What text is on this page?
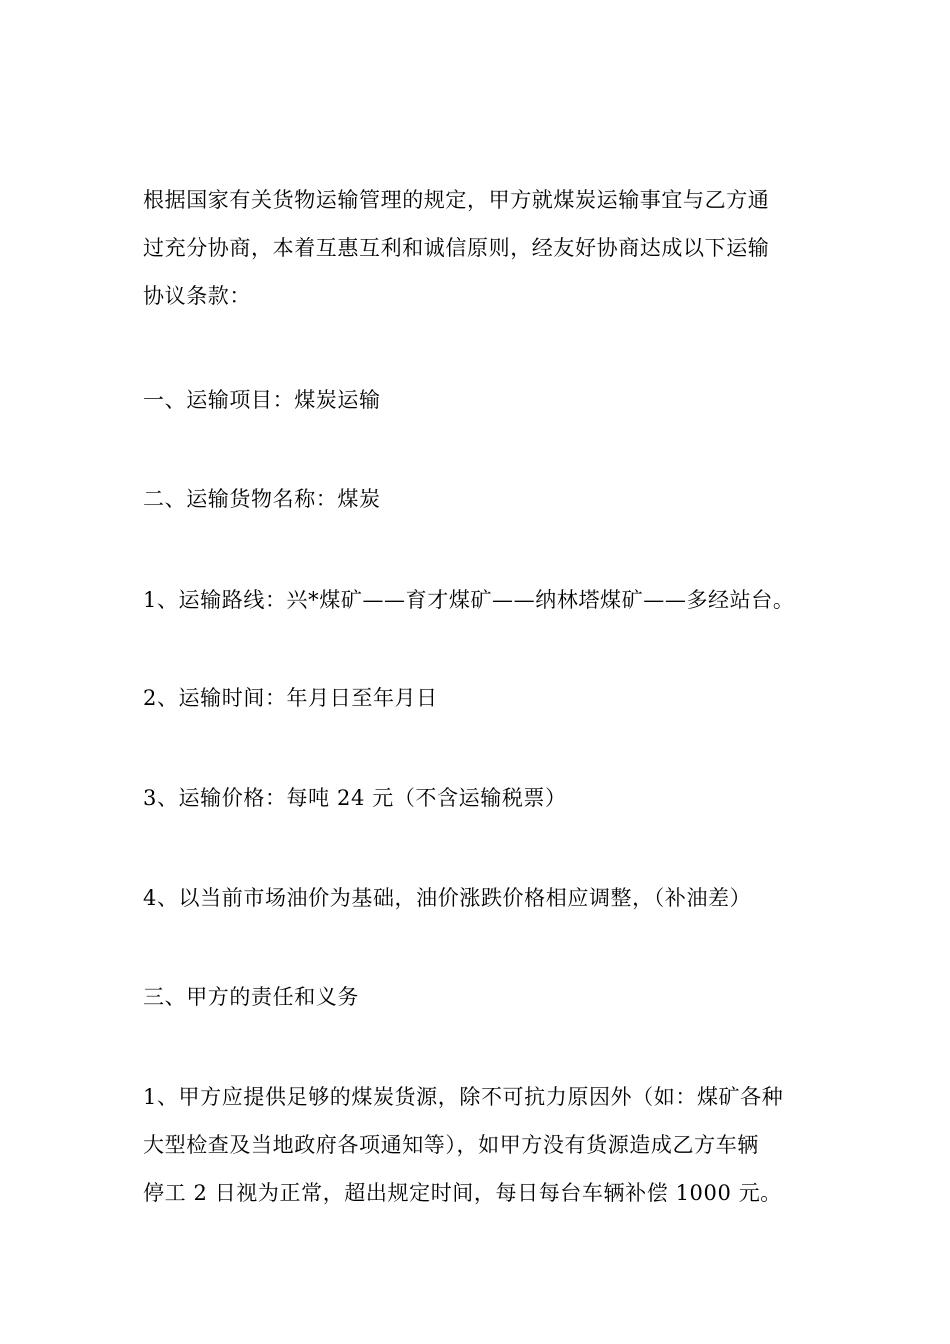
根据国家有关货物运输管理的规定，甲方就煤炭运输事宜与乙方通
过充分协商，本着互惠互利和诚信原则，经友好协商达成以下运输
协议条款：

一、运输项目：煤炭运输

二、运输货物名称：煤炭

1、运输路线：兴*煤矿——育才煤矿——纳林塔煤矿——多经站台。

2、运输时间：年月日至年月日

3、运输价格：每吨 24 元（不含运输税票）

4、以当前市场油价为基础，油价涨跌价格相应调整，（补油差）

三、甲方的责任和义务

1、甲方应提供足够的煤炭货源，除不可抗力原因外（如：煤矿各种
大型检查及当地政府各项通知等），如甲方没有货源造成乙方车辆
停工 2 日视为正常，超出规定时间，每日每台车辆补偿 1000 元。
